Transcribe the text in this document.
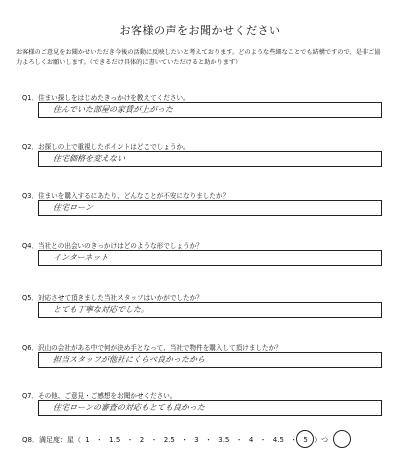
お客様の声をお聞かせください
お客様のご意見をお聞かせいただき今後の活動に反映したいと考えております。どのような些細なことでも結構ですので、是非ご協力よろしくお願いします。（できるだけ具体的に書いていただけると助かります）
Q1．住まい探しをはじめたきっかけを教えてください。
住んでいた部屋の家賃が上がった
Q2．お探しの上で重視したポイントはどこでしょうか。
住宅価格を変えない
Q3．住まいを購入するにあたり、どんなことが不安になりましたか？
住宅ローン
Q4．当社との出会いのきっかけはどのような形でしょうか？
インターネット
Q5．対応させて頂きました当社スタッフはいかがでしたか？
とても丁寧な対応でした。
Q6．沢山の会社がある中で何が決め手となって、当社で物件を購入して頂けましたか？
担当スタッフが他社にくらべ良かったから
Q7．その他、ご意見・ご感想をお聞かせください。
住宅ローンの審査の対応もとても良かった
Q8．満足度：星（ 1 ・ 1.5 ・ 2 ・ 2.5 ・ 3 ・ 3.5 ・ 4 ・ 4.5 ・ 5 ）つ
